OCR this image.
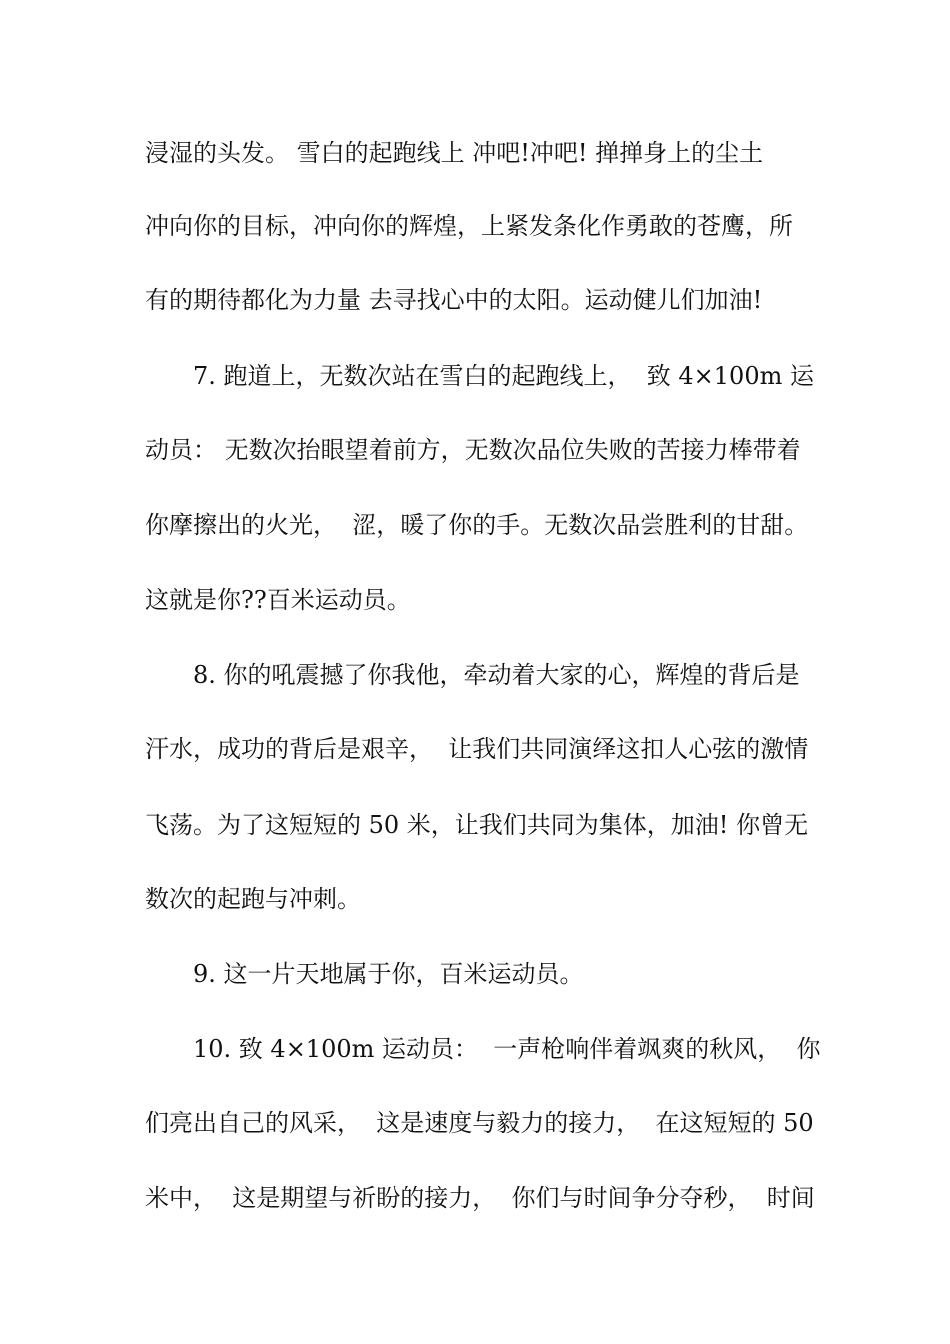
浸湿的头发。 雪白的起跑线上 冲吧!冲吧! 掸掸身上的尘土
冲向你的目标，冲向你的辉煌，上紧发条化作勇敢的苍鹰，所
有的期待都化为力量 去寻找心中的太阳。运动健儿们加油!
7. 跑道上，无数次站在雪白的起跑线上，  致 4×100m 运
动员： 无数次抬眼望着前方，无数次品位失败的苦接力棒带着
你摩擦出的火光，  涩，暖了你的手。无数次品尝胜利的甘甜。
这就是你??百米运动员。
8. 你的吼震撼了你我他，牵动着大家的心，辉煌的背后是
汗水，成功的背后是艰辛，  让我们共同演绎这扣人心弦的激情
飞荡。为了这短短的 50 米，让我们共同为集体，加油! 你曾无
数次的起跑与冲刺。
9. 这一片天地属于你，百米运动员。
10. 致 4×100m 运动员：  一声枪响伴着飒爽的秋风，  你
们亮出自己的风采，  这是速度与毅力的接力，  在这短短的 50
米中，  这是期望与祈盼的接力，  你们与时间争分夺秒，  时间
